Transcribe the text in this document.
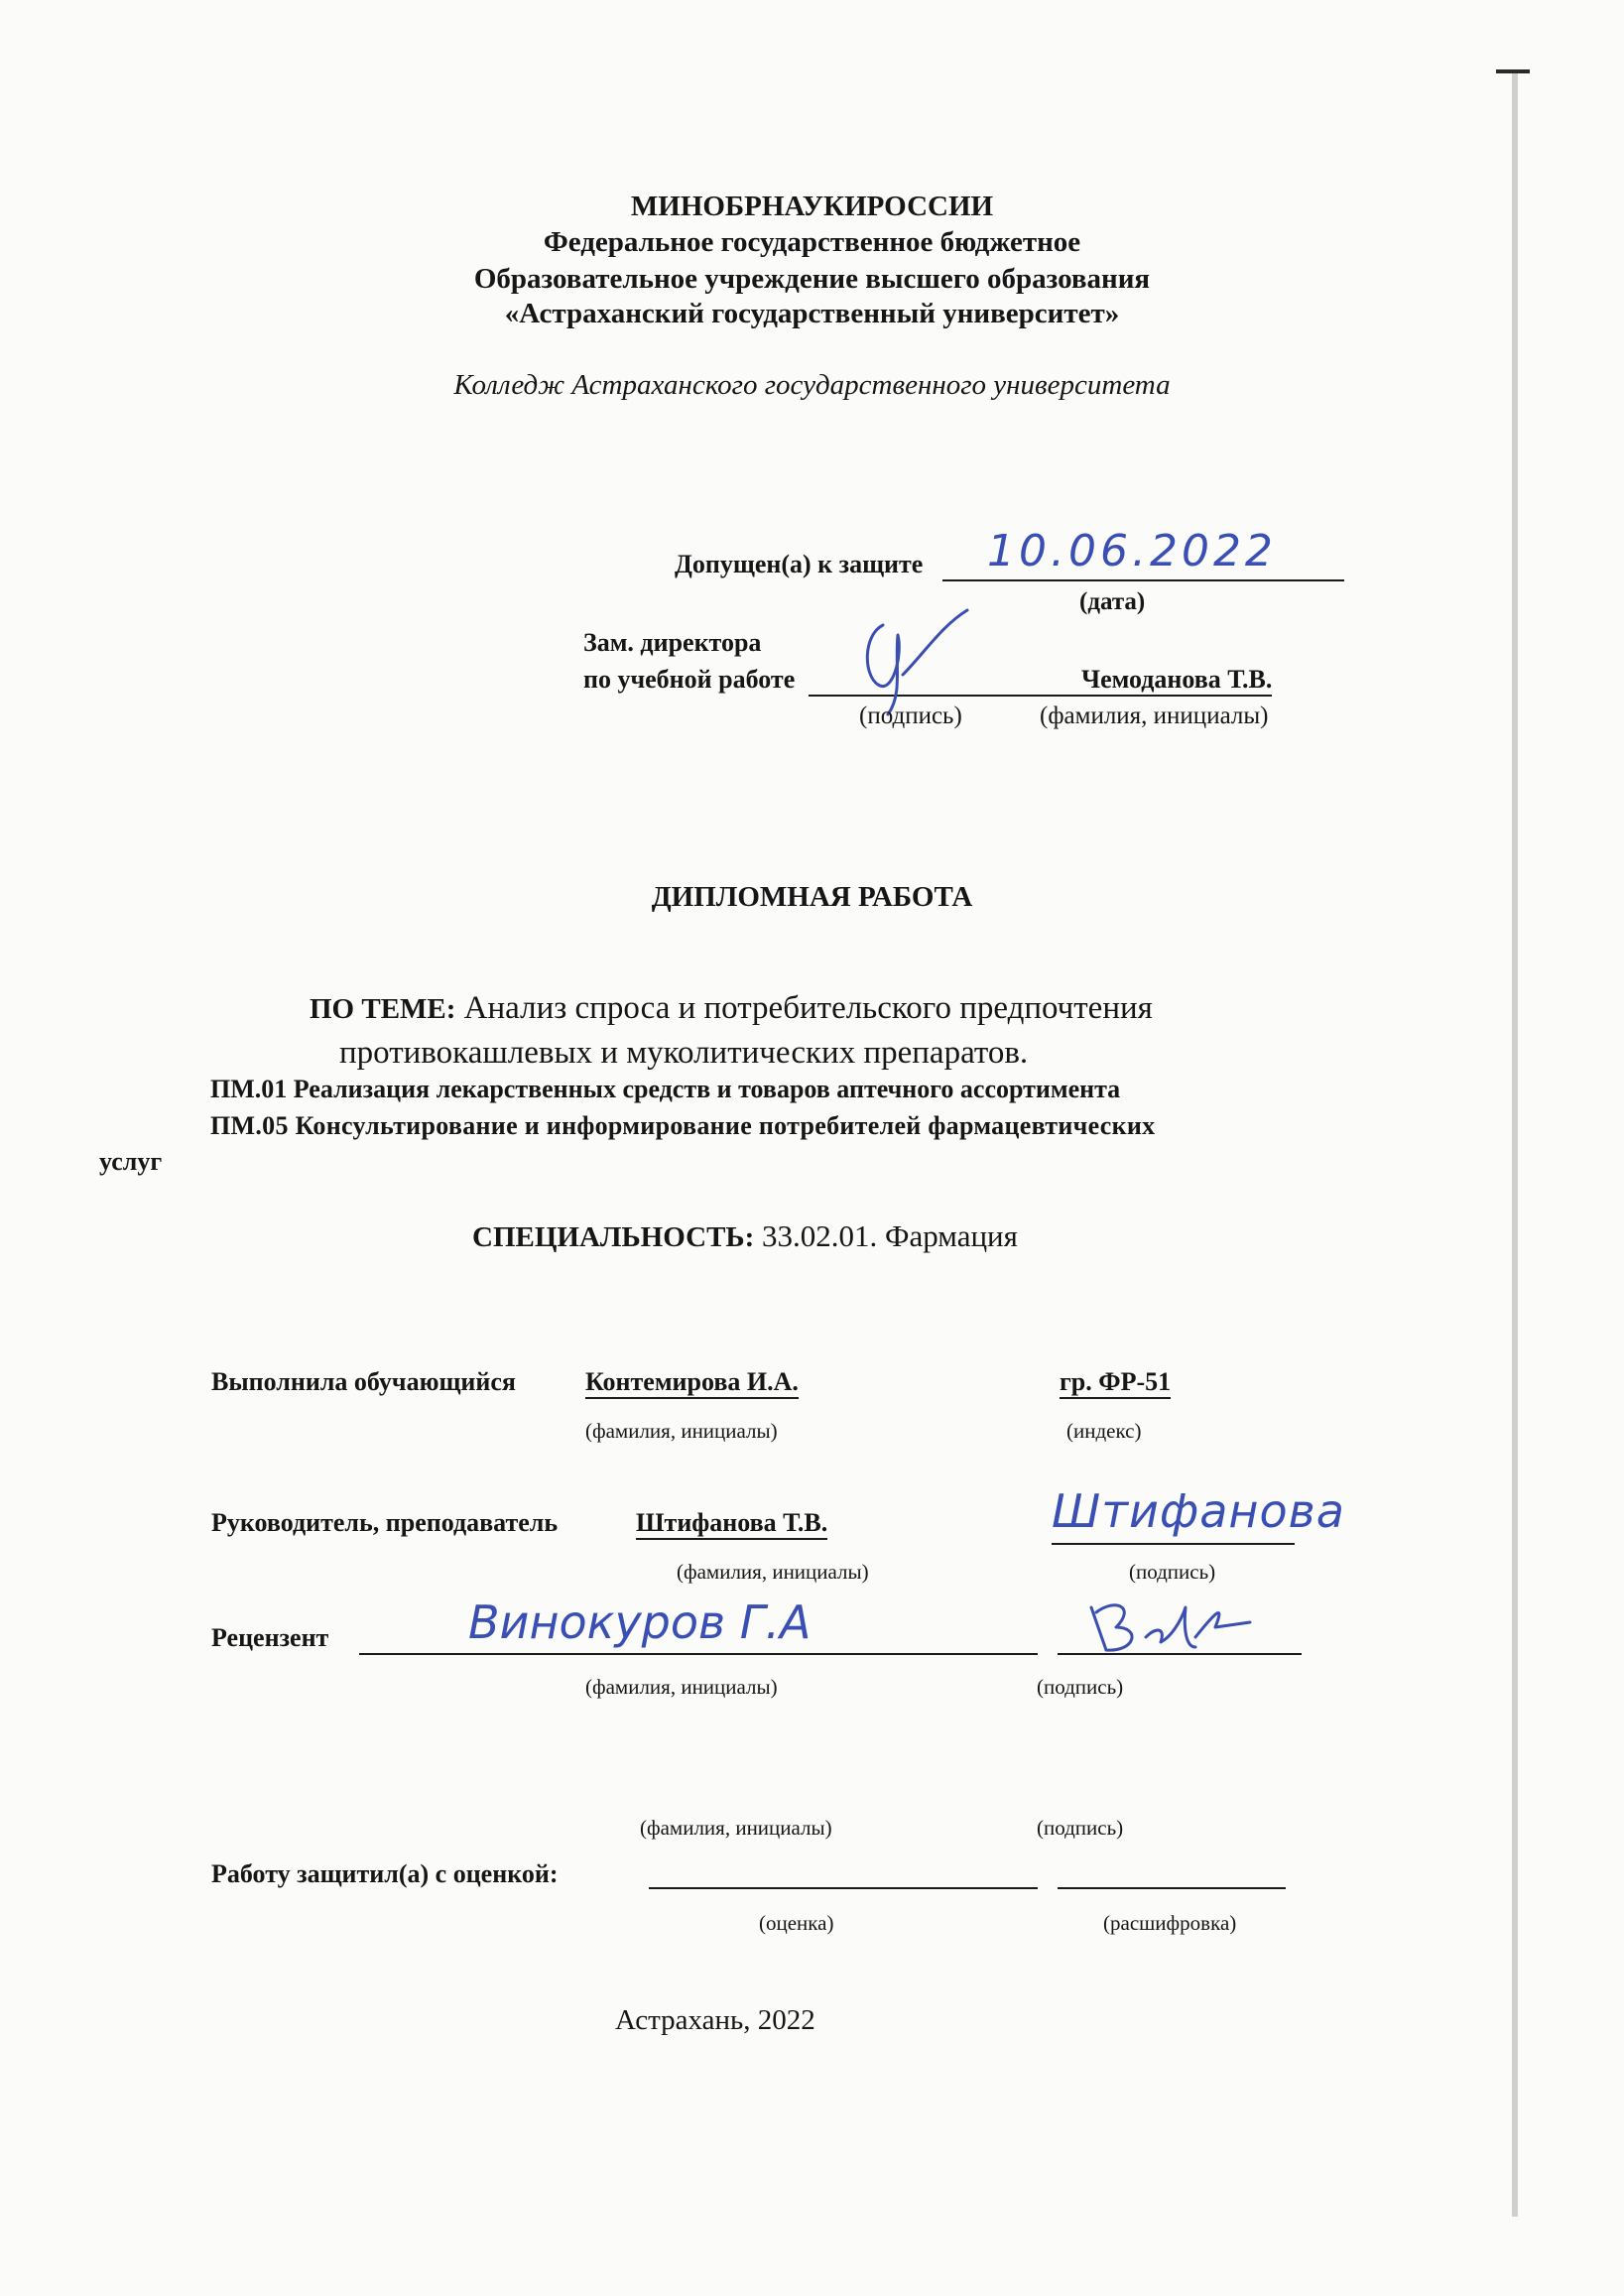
МИНОБРНАУКИРОССИИ
Федеральное государственное бюджетное
Образовательное учреждение высшего образования
«Астраханский государственный университет»
Колледж Астраханского государственного университета
Допущен(а) к защите 10.06.2022
(дата)
Зам. директора
по учебной работе	Чемоданова Т.В.
(подпись)	(фамилия, инициалы)
ДИПЛОМНАЯ РАБОТА
ПО ТЕМЕ: Анализ спроса и потребительского предпочтения
противокашлевых и муколитических препаратов.
ПМ.01 Реализация лекарственных средств и товаров аптечного ассортимента
ПМ.05 Консультирование и информирование потребителей фармацевтических
услуг
СПЕЦИАЛЬНОСТЬ: 33.02.01. Фармация
Выполнила обучающийся	Контемирова И.А.	гр. ФР-51
(фамилия, инициалы)	(индекс)
Руководитель, преподаватель	Штифанова Т.В.	Штифанова
(фамилия, инициалы)	(подпись)
Рецензент	Винокуров Г.А
(фамилия, инициалы)	(подпись)
(фамилия, инициалы)	(подпись)
Работу защитил(а) с оценкой:
(оценка)	(расшифровка)
Астрахань, 2022
